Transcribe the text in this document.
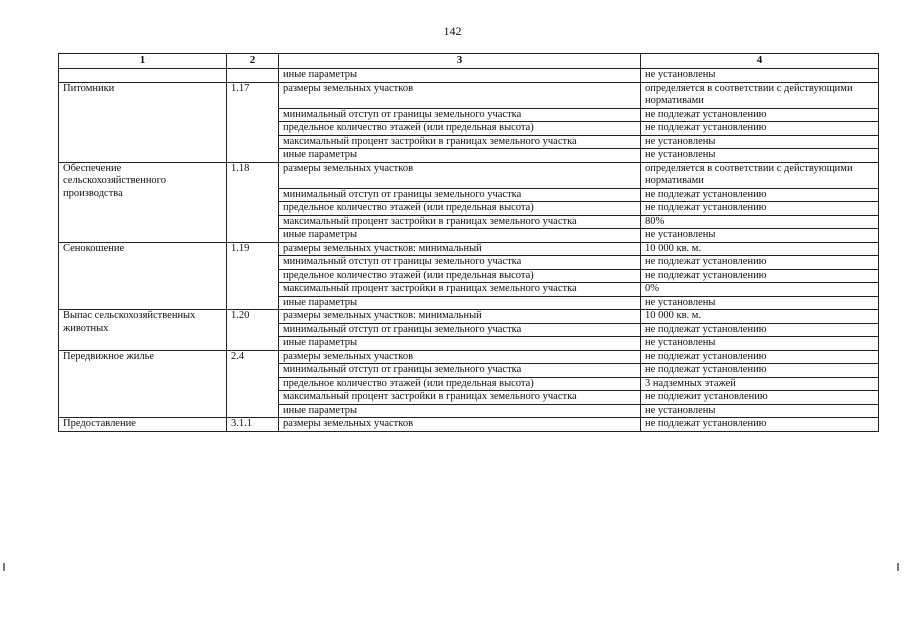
142
1	2	3	4
		иные параметры	не установлены
Питомники	1.17	размеры земельных участков	определяется в соответствии с действующими нормативами
		минимальный отступ от границы земельного участка	не подлежат установлению
		предельное количество этажей (или предельная высота)	не подлежат установлению
		максимальный процент застройки в границах земельного участка	не установлены
		иные параметры	не установлены
Обеспечение сельскохозяйственного производства	1.18	размеры земельных участков	определяется в соответствии с действующими нормативами
		минимальный отступ от границы земельного участка	не подлежат установлению
		предельное количество этажей (или предельная высота)	не подлежат установлению
		максимальный процент застройки в границах земельного участка	80%
		иные параметры	не установлены
Сенокошение	1.19	размеры земельных участков: минимальный	10 000 кв. м.
		минимальный отступ от границы земельного участка	не подлежат установлению
		предельное количество этажей (или предельная высота)	не подлежат установлению
		максимальный процент застройки в границах земельного участка	0%
		иные параметры	не установлены
Выпас сельскохозяйственных животных	1.20	размеры земельных участков: минимальный	10 000 кв. м.
		минимальный отступ от границы земельного участка	не подлежат установлению
		иные параметры	не установлены
Передвижное жилье	2.4	размеры земельных участков	не подлежат установлению
		минимальный отступ от границы земельного участка	не подлежат установлению
		предельное количество этажей (или предельная высота)	3 надземных этажей
		максимальный процент застройки в границах земельного участка	не подлежит установлению
		иные параметры	не установлены
Предоставление	3.1.1	размеры земельных участков	не подлежат установлению
